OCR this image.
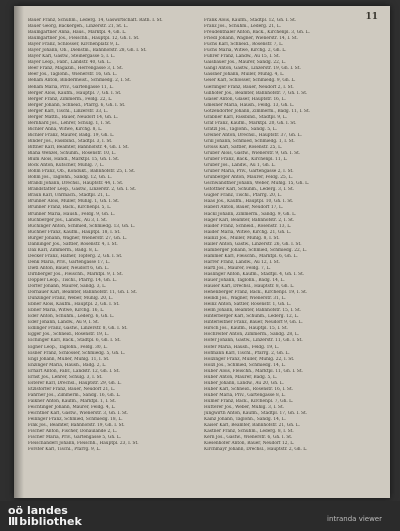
11

Bauer Franz, Schuhm., Lederg. 14, Gaswirtschaft. Rath. I. St.

Bauer Georg, Backergeh., Linzerstr. 21, St. L.

Baumgartner Anna, Haus., Marktpl. 4, Gh. L.

Baumgartner Jos., Fleischh., Hauptpl. 12, Gh. I. St.

Bayer Franz, Schlosser, Kirchenplatz 9, L.

Bayer Johann, Ob., Dienstm., Bahnhofstr. 28, Gh. I. St.

Bayer Karl, Gastw., Steinergasse 5, I. L.

Bayer Leop., Fabr., Landstr. 40, Gh. L.

Beer Franz, Magazin., Herrengasse 3, I. St.

Beer Jos., Taglohn., Wienerstr. 16, Gh. L.

Beham Anton, Bindermeist., Schmiedg. 2, I. St.

Beham Maria, Priv., Gartengasse 11, L.

Berger Alois, Kaufm., Hauptpl. 7, Gh. I. St.

Berger Franz, Zimmerm., Feldg. 22, L.

Berger Johann, Schneid., Pfarrg. 6, Gh. I. St.

Berger Karl, Tischl., Linzerstr. 33, L.

Berger Matth., Bauer, Neudorf 14, Gh. L.

Bernhard Jos., Lehrer, Schulg. 1, I. St.

Bichler Anna, Witwe, Kirchg. 8, L.

Bichler Franz, Maurer, Badg. 19, Gh. L.

Binder Jos., Fassbind., Stadtpl. 3, I. St.

Bittner Karl, Beamter, Bahnhofstr. 4, Gh. I. St.

Blaha Wenzel, Schuhm., Rosenstr. 10, L.

Blum Alois, Handl., Marktpl. 15, Gh. I. St.

Bock Anton, Kutscher, Mühlg. 7, L.

Böhm Franz, Ob., Kondukt., Bahnhofstr. 25, I. St.

Böhm Jos., Taglöhn., Sandg. 12, Gh. L.

Brandl Johann, Drechsl., Hauptstr. 44, I. St.

Brandstätter Leop., Gastw., Linzerstr. 2, Gh. I. St.

Braun Karl, Uhrmach., Stadtpl. 21, L.

Brunner Alois, Müller, Mühlg. 1, Gh. I. St.

Brunner Franz, Bäck., Kirchenpl. 5, L.

Brunner Maria, Haush., Feldg. 9, Gh. L.

Buchberger Jos., Landw., Au 3, I. St.

Buchinger Anton, Schmied, Schmiedg. 13, Gh. L.

Buchner Franz, Kaufm., Hauptpl. 18, I. St.

Burger Johann, Wagner, Wienerstr. 27, Gh. L.

Danninger Jos., Sattler, Rosenstr. 4, I. St.

Dax Karl, Zimmerm., Badg. 8, L.

Decker Franz, Hafner, Töpferg. 2, Gh. I. St.

Denk Maria, Priv., Gartengasse 17, L.

Dietl Anton, Bauer, Neudorf 6, Gh. L.

Dirnberger Jos., Fleischh., Marktpl. 9, I. St.

Doppler Leop., Tischl., Pfarrg. 14, Gh. L.

Dorfer Johann, Maurer, Sandg. 3, L.

Dornauer Karl, Beamter, Bahnhofstr. 11, Gh. I. St.

Dunzinger Franz, Weber, Mühlg. 20, L.

Ebner Alois, Kaufm., Hauptpl. 2, Gh. I. St.

Ebner Maria, Witwe, Kirchg. 16, L.

Eder Anton, Schuhm., Lederg. 6, Gh. L.

Eder Johann, Landw., Au 9, I. St.

Edlinger Franz, Gastw., Linzerstr. 8, Gh. I. St.

Egger Jos., Schneid., Rosenstr. 19, L.

Eichinger Karl, Bäck., Stadtpl. 6, Gh. I. St.

Eigner Leop., Taglöhn., Feldg. 30, L.

Eisner Franz, Schlosser, Schmiedg. 5, Gh. L.

Engl Johann, Müller, Mühlg. 11, I. St.

Enzinger Maria, Haush., Badg. 2, L.

Erhart Anton, Fabr., Landstr. 12, Gh. I. St.

Ernst Jos., Lehrer, Schulg. 3, I. St.

Esterer Karl, Drechsl., Hauptstr. 29, Gh. L.

Etzlstorfer Franz, Bauer, Neudorf 21, L.

Fahrner Jos., Zimmerm., Sandg. 16, Gh. L.

Falkner Anton, Kaufm., Marktpl. 1, I. St.

Feichtinger Johann, Maurer, Feldg. 4, L.

Feichtner Karl, Gastw., Wienerstr. 3, Gh. I. St.

Fellinger Franz, Schmied, Schmiedg. 18, L.

Fink Jos., Beamter, Bahnhofstr. 19, Gh. I. St.

Fischer Anton, Fischer, Donaulände 2, L.

Fischer Maria, Priv., Gartengasse 5, Gh. L.

Fleischanderl Johann, Fleischh., Hauptpl. 23, I. St.

Forster Karl, Tischl., Pfarrg. 9, L.

Frank Alois, Kaufm., Stadtpl. 12, Gh. I. St.

Franz Jos., Schuhm., Lederg. 21, L.

Freudenthaler Anton, Bäck., Kirchenpl. 3, Gh. L.

Friedl Johann, Wagner, Wienerstr. 14, I. St.

Fuchs Karl, Schneid., Rosenstr. 7, L.

Fuchs Maria, Witwe, Kirchg. 2, Gh. L.

Führer Franz, Landw., Au 15, I. St.

Gaisbauer Jos., Maurer, Sandg. 22, L.

Gangl Anton, Gastw., Linzerstr. 19, Gh. I. St.

Gassner Johann, Müller, Mühlg. 4, L.

Geier Karl, Schlosser, Schmiedg. 9, Gh. L.

Gierlinger Franz, Bauer, Neudorf 2, I. St.

Gillhofer Jos., Beamter, Bahnhofstr. 7, Gh. I. St.

Glaser Anton, Glaser, Hauptstr. 16, L.

Gmeiner Maria, Haush., Feldg. 13, Gh. L.

Götzendorfer Johann, Zimmerm., Badg. 11, I. St.

Grabner Karl, Fassbind., Stadtpl. 9, L.

Graf Franz, Kaufm., Marktpl. 20, Gh. I. St.

Gratzl Jos., Taglöhn., Sandg. 5, L.

Greiner Anton, Drechsl., Hauptstr. 37, Gh. L.

Grill Johann, Schmied, Schmiedg. 1, I. St.

Groiss Karl, Sattler, Rosenstr. 25, L.

Gruber Alois, Gastw., Wienerstr. 9, Gh. I. St.

Gruber Franz, Bäck., Kirchenpl. 11, L.

Gruber Jos., Landw., Au 1, Gh. L.

Gruber Maria, Priv., Gartengasse 2, I. St.

Grünberger Anton, Maurer, Feldg. 25, L.

Gschwandtner Johann, Weber, Mühlg. 15, Gh. L.

Gstöttner Karl, Schuhm., Lederg. 3, I. St.

Gugler Franz, Tischl., Pfarrg. 20, L.

Haas Jos., Kaufm., Hauptpl. 10, Gh. I. St.

Haberl Anton, Bauer, Neudorf 17, L.

Hackl Johann, Zimmerm., Sandg. 9, Gh. L.

Hager Karl, Beamter, Bahnhofstr. 2, I. St.

Haider Franz, Schneid., Rosenstr. 13, L.

Haider Maria, Witwe, Kirchg. 21, Gh. L.

Hainzl Jos., Müller, Mühlg. 8, I. St.

Haller Anton, Gastw., Linzerstr. 26, Gh. I. St.

Hamberger Johann, Schmied, Schmiedg. 22, L.

Hammer Karl, Fleischh., Marktpl. 6, Gh. L.

Harrer Franz, Landw., Au 12, I. St.

Hartl Jos., Maurer, Feldg. 7, L.

Haslinger Anton, Kaufm., Stadtpl. 4, Gh. I. St.

Hauer Johann, Taglöhn., Badg. 14, L.

Hauser Karl, Drechsl., Hauptstr. 8, Gh. L.

Hehenberger Franz, Bäck., Kirchenpl. 19, I. St.

Heindl Jos., Wagner, Wienerstr. 31, L.

Heinz Anton, Sattler, Rosenstr. 1, Gh. L.

Helm Johann, Beamter, Bahnhofstr. 15, I. St.

Hinterberger Karl, Schuhm., Lederg. 12, L.

Hinterleitner Franz, Bauer, Neudorf 9, Gh. L.

Hirsch Jos., Kaufm., Hauptpl. 15, I. St.

Hochreiter Anton, Zimmerm., Sandg. 28, L.

Hofer Johann, Gastw., Linzerstr. 11, Gh. I. St.

Hofer Maria, Haush., Feldg. 19, L.

Hofmann Karl, Tischl., Pfarrg. 2, Gh. L.

Holzinger Franz, Müller, Mühlg. 22, I. St.

Hölzl Jos., Schmied, Schmiedg. 14, L.

Huber Alois, Fleischh., Marktpl. 11, Gh. I. St.

Huber Anton, Maurer, Badg. 5, L.

Huber Johann, Landw., Au 20, Gh. L.

Huber Karl, Schneid., Rosenstr. 16, I. St.

Huber Maria, Priv., Gartengasse 8, L.

Humer Franz, Bäck., Kirchenpl. 7, Gh. L.

Hutterer Jos., Weber, Mühlg. 3, I. St.

Jungwirth Anton, Kaufm., Stadtpl. 17, Gh. I. St.

Kainz Johann, Taglöhn., Sandg. 14, L.

Kaiser Karl, Beamter, Bahnhofstr. 21, Gh. L.

Kastner Franz, Schuhm., Lederg. 8, I. St.

Kern Jos., Gastw., Wienerstr. 6, Gh. I. St.

Kiesenhofer Anton, Bauer, Neudorf 12, L.

Kirchmayr Johann, Drechsl., Hauptstr. 2, Gh. L.

oö landes
III bibliothek	intranda viewer
